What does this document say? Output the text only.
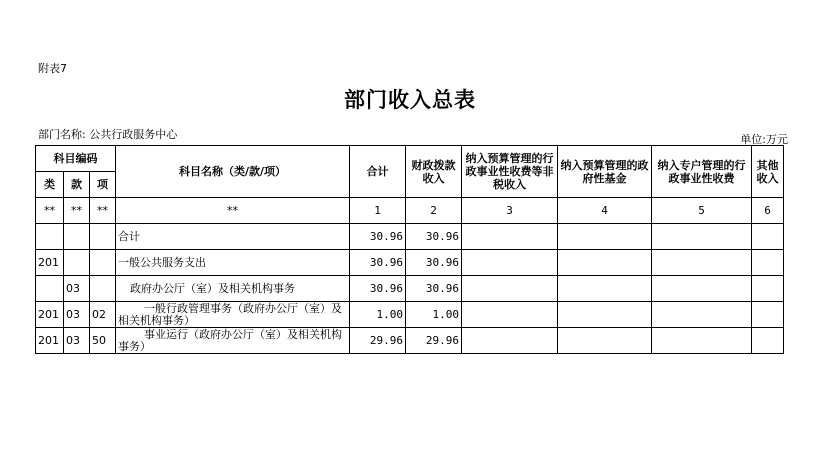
附表7
部门收入总表
部门名称: 公共行政服务中心	单位:万元
科目编码			科目名称（类/款/项）	合计	财政拨款收入	纳入预算管理的行政事业性收费等非税收入	纳入预算管理的政府性基金	纳入专户管理的行政事业性收费	其他收入
类	款	项							
**	**	**	**	1	2	3	4	5	6
			合计	30.96	30.96				
201			一般公共服务支出	30.96	30.96				
	03		政府办公厅（室）及相关机构事务	30.96	30.96				
201	03	02	一般行政管理事务（政府办公厅（室）及相关机构事务）	1.00	1.00				
201	03	50	事业运行（政府办公厅（室）及相关机构事务）	29.96	29.96				
